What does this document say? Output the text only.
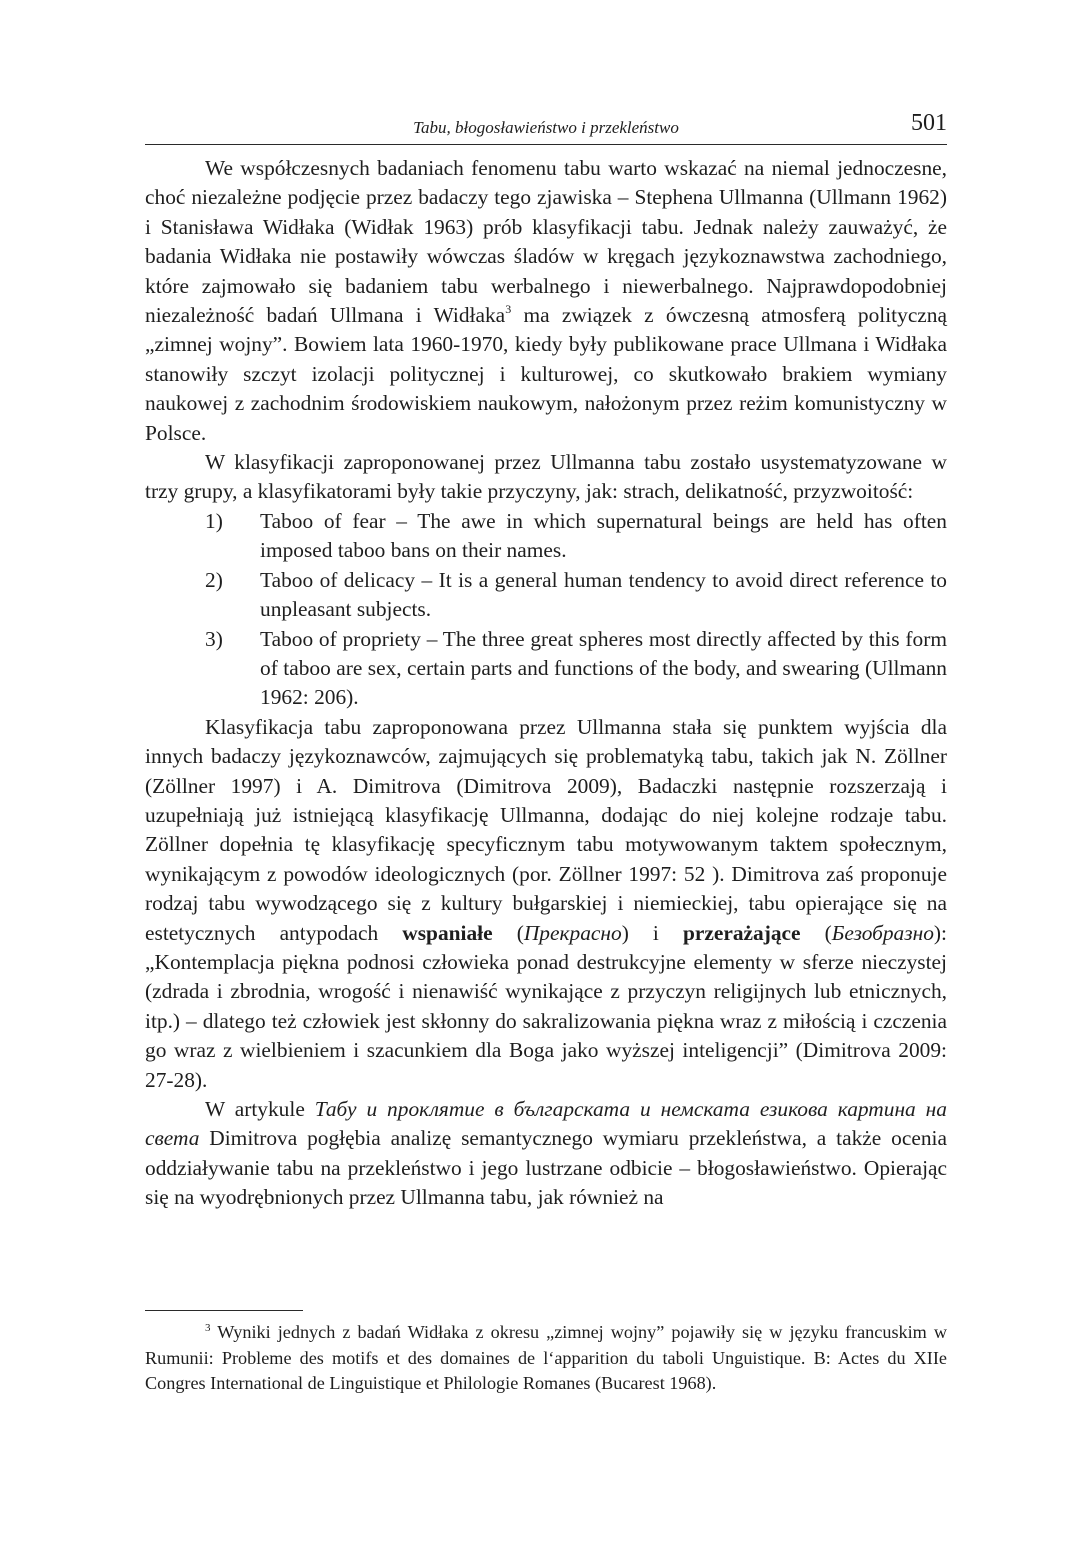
Tabu, błogosławieństwo i przekleństwo	501

We współczesnych badaniach fenomenu tabu warto wskazać na niemal jednoczesne, choć niezależne podjęcie przez badaczy tego zjawiska – Stephena Ullmanna (Ullmann 1962) i Stanisława Widłaka (Widłak 1963) prób klasyfikacji tabu. Jednak należy zauważyć, że badania Widłaka nie postawiły wówczas śladów w kręgach językoznawstwa zachodniego, które zajmowało się badaniem tabu werbalnego i niewerbalnego. Najprawdopodobniej niezależność badań Ullmana i Widłaka$^3$ ma związek z ówczesną atmosferą polityczną „zimnej wojny”. Bowiem lata 1960-1970, kiedy były publikowane prace Ullmana i Widłaka stanowiły szczyt izolacji politycznej i kulturowej, co skutkowało brakiem wymiany naukowej z zachodnim środowiskiem naukowym, nałożonym przez reżim komunistyczny w Polsce.

W klasyfikacji zaproponowanej przez Ullmanna tabu zostało usystematyzowane w trzy grupy, a klasyfikatorami były takie przyczyny, jak: strach, delikatność, przyzwoitość:

1) Taboo of fear – The awe in which supernatural beings are held has often imposed taboo bans on their names.

2) Taboo of delicacy – It is a general human tendency to avoid direct reference to unpleasant subjects.

3) Taboo of propriety – The three great spheres most directly affected by this form of taboo are sex, certain parts and functions of the body, and swearing (Ullmann 1962: 206).

Klasyfikacja tabu zaproponowana przez Ullmanna stała się punktem wyjścia dla innych badaczy językoznawców, zajmujących się problematyką tabu, takich jak N. Zöllner (Zöllner 1997) i A. Dimitrova (Dimitrova 2009), Badaczki następnie rozszerzają i uzupełniają już istniejącą klasyfikację Ullmanna, dodając do niej kolejne rodzaje tabu. Zöllner dopełnia tę klasyfikację specyficznym tabu motywowanym taktem społecznym, wynikającym z powodów ideologicznych (por. Zöllner 1997: 52 ). Dimitrova zaś proponuje rodzaj tabu wywodzącego się z kultury bułgarskiej i niemieckiej, tabu opierające się na estetycznych antypodach wspaniałe (Прекрасно) i przerażające (Безобразно): „Kontemplacja piękna podnosi człowieka ponad destrukcyjne elementy w sferze nieczystej (zdrada i zbrodnia, wrogość i nienawiść wynikające z przyczyn religijnych lub etnicznych, itp.) – dlatego też człowiek jest skłonny do sakralizowania piękna wraz z miłością i czczenia go wraz z wielbieniem i szacunkiem dla Boga jako wyższej inteligencji” (Dimitrova 2009: 27-28).

W artykule Табу и проклятие в българската и немската езикова картина на света Dimitrova pogłębia analizę semantycznego wymiaru przekleństwa, a także ocenia oddziaływanie tabu na przekleństwo i jego lustrzane odbicie – błogosławieństwo. Opierając się na wyodrębnionych przez Ullmanna tabu, jak również na

$^3$ Wyniki jednych z badań Widłaka z okresu „zimnej wojny” pojawiły się w języku francuskim w Rumunii: Probleme des motifs et des domaines de l‘apparition du taboli Unguistique. B: Actes du XIIe Congres International de Linguistique et Philologie Romanes (Bucarest 1968).
